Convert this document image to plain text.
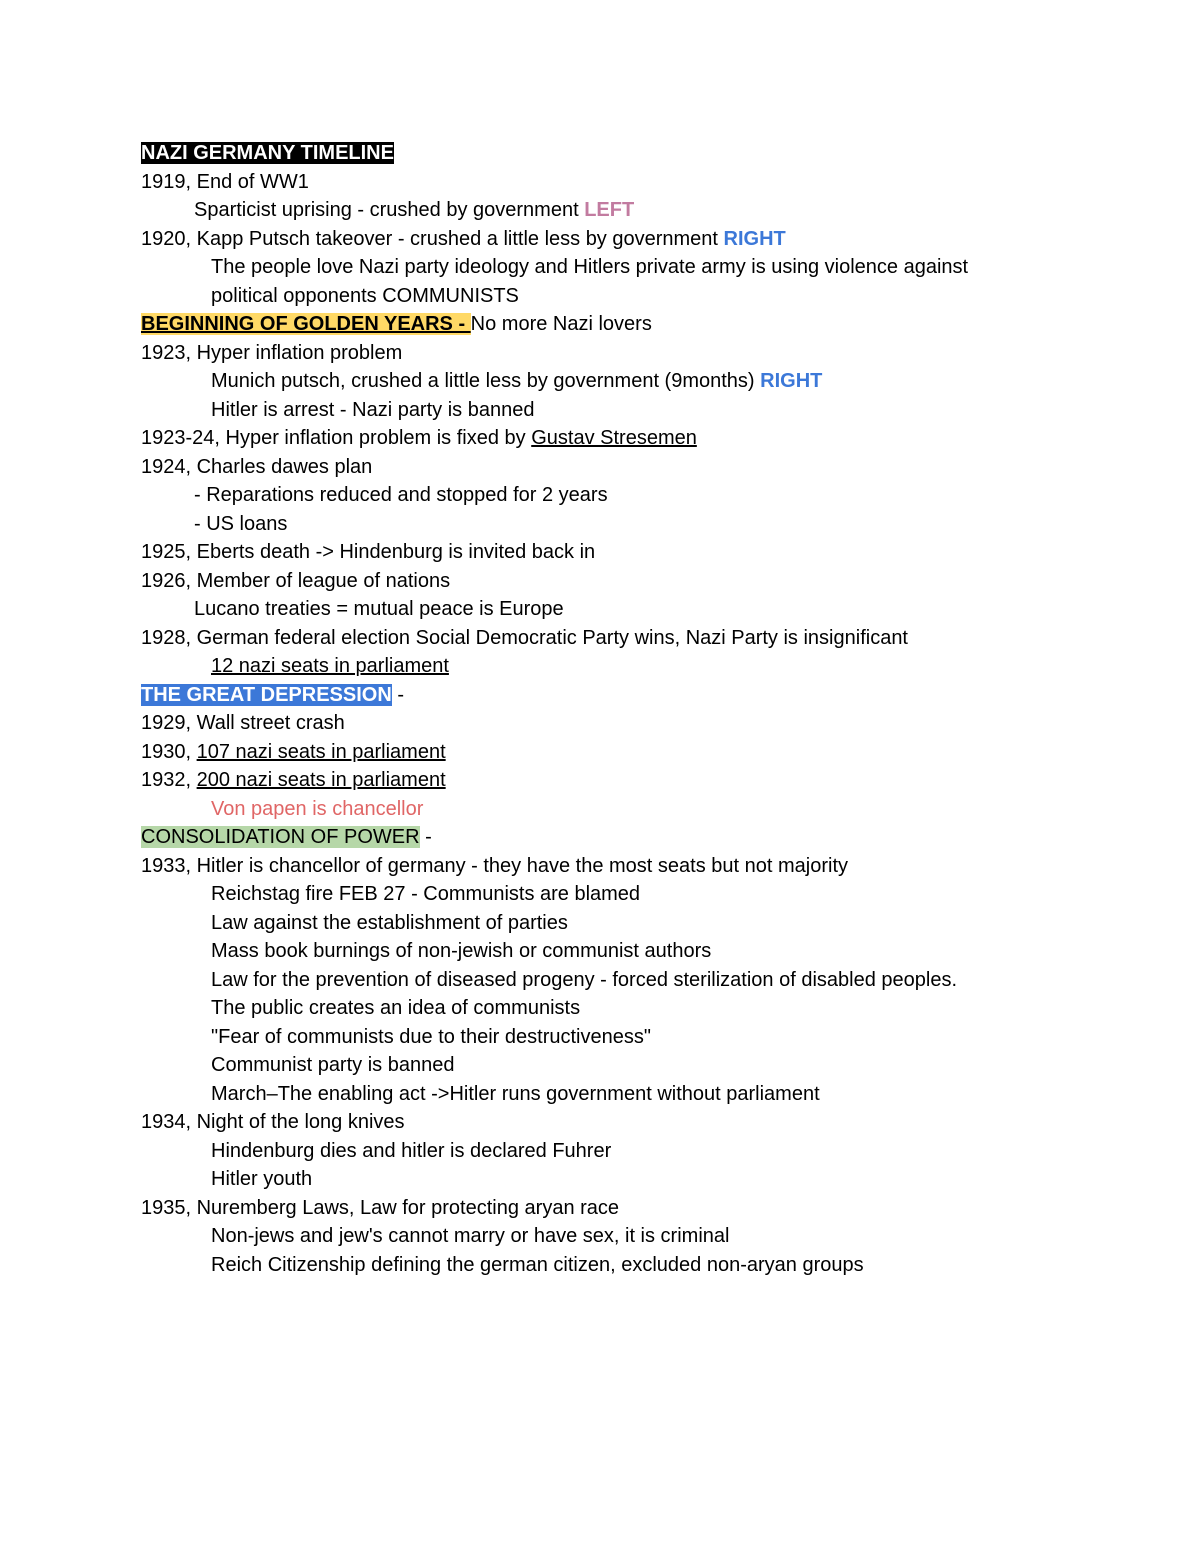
NAZI GERMANY TIMELINE
1919, End of WW1
Sparticist uprising - crushed by government LEFT
1920, Kapp Putsch takeover - crushed a little less by government RIGHT
The people love Nazi party ideology and Hitlers private army is using violence against
political opponents COMMUNISTS
BEGINNING OF GOLDEN YEARS - No more Nazi lovers
1923, Hyper inflation problem
Munich putsch, crushed a little less by government (9months) RIGHT
Hitler is arrest - Nazi party is banned
1923-24, Hyper inflation problem is fixed by Gustav Stresemen
1924, Charles dawes plan
- Reparations reduced and stopped for 2 years
- US loans
1925, Eberts death -> Hindenburg is invited back in
1926, Member of league of nations
Lucano treaties = mutual peace is Europe
1928, German federal election Social Democratic Party wins, Nazi Party is insignificant
12 nazi seats in parliament
THE GREAT DEPRESSION -
1929, Wall street crash
1930, 107 nazi seats in parliament
1932, 200 nazi seats in parliament
Von papen is chancellor
CONSOLIDATION OF POWER -
1933, Hitler is chancellor of germany - they have the most seats but not majority
Reichstag fire FEB 27 - Communists are blamed
Law against the establishment of parties
Mass book burnings of non-jewish or communist authors
Law for the prevention of diseased progeny - forced sterilization of disabled peoples.
The public creates an idea of communists
"Fear of communists due to their destructiveness"
Communist party is banned
March–The enabling act ->Hitler runs government without parliament
1934, Night of the long knives
Hindenburg dies and hitler is declared Fuhrer
Hitler youth
1935, Nuremberg Laws, Law for protecting aryan race
Non-jews and jew's cannot marry or have sex, it is criminal
Reich Citizenship defining the german citizen, excluded non-aryan groups
